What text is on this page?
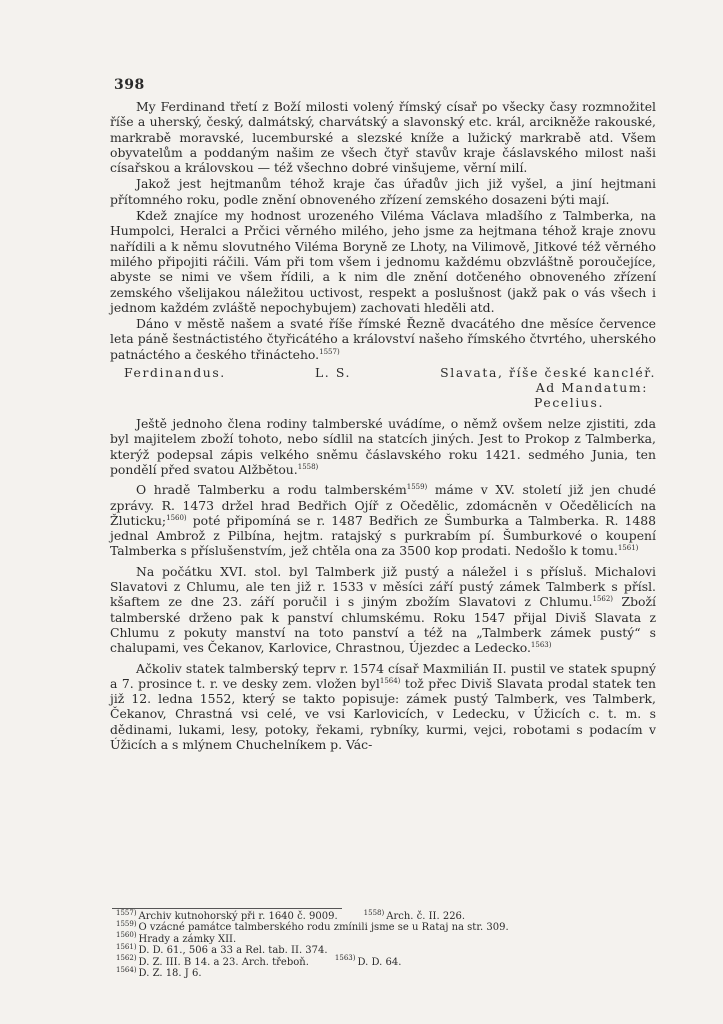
398

My Ferdinand třetí z Boží milosti volený římský císař po všecky časy rozmnožitel říše a uherský, český, dalmátský, charvátský a slavonský etc. král, arcikněže rakouské, markrabě moravské, lucemburské a slezské kníže a lužický markrabě atd. Všem obyvatelům a poddaným našim ze všech čtyř stavův kraje čáslavského milost naši císařskou a královskou — též všechno dobré vinšujeme, věrní milí.

Jakož jest hejtmanům téhož kraje čas úřadův jich již vyšel, a jiní hejtmani přítomného roku, podle znění obnoveného zřízení zemského dosazeni býti mají.

Kdež znajíce my hodnost urozeného Viléma Václava mladšího z Talmberka, na Humpolci, Heralci a Prčici věrného milého, jeho jsme za hejtmana téhož kraje znovu nařídili a k němu slovutného Viléma Boryně ze Lhoty, na Vilimově, Jitkové též věrného milého připojiti ráčili. Vám při tom všem i jednomu každému obzvláštně poroučejíce, abyste se nimi ve všem řídili, a k nim dle znění dotčeného obnoveného zřízení zemského všelijakou náležitou uctivost, respekt a poslušnost (jakž pak o vás všech i jednom každém zvláště nepochybujem) zachovati hleděli atd.

Dáno v městě našem a svaté říše římské Řezně dvacátého dne měsíce července leta páně šestnáctistého čtyřicátého a království našeho římského čtvrtého, uherského patnáctého a českého třinácteho.$^{1557)}$

Ferdinandus.	L. S.	Slavata, říše české kancléř.
Ad Mandatum:
Pecelius.

Ještě jednoho člena rodiny talmberské uvádíme, o němž ovšem nelze zjistiti, zda byl majitelem zboží tohoto, nebo sídlil na statcích jiných. Jest to Prokop z Talmberka, kterýž podepsal zápis velkého sněmu čáslavského roku 1421. sedmého Junia, ten pondělí před svatou Alžbětou.$^{1558)}$

O hradě Talmberku a rodu talmberském$^{1559)}$ máme v XV. století již jen chudé zprávy. R. 1473 držel hrad Bedřich Ojíř z Očedělic, zdomácněn v Očedělicích na Žluticku;$^{1560)}$ poté připomíná se r. 1487 Bedřich ze Šumburka a Talmberka. R. 1488 jednal Ambrož z Pilbína, hejtm. ratajský s purkrabím pí. Šumburkové o koupení Talmberka s příslušenstvím, jež chtěla ona za 3500 kop prodati. Nedošlo k tomu.$^{1561)}$

Na počátku XVI. stol. byl Talmberk již pustý a náležel i s přísluš. Michalovi Slavatovi z Chlumu, ale ten již r. 1533 v měsíci září pustý zámek Talmberk s přísl. kšaftem ze dne 23. září poručil i s jiným zbožím Slavatovi z Chlumu.$^{1562)}$ Zboží talmberské drženo pak k panství chlumskému. Roku 1547 přijal Diviš Slavata z Chlumu z pokuty manství na toto panství a též na „Talmberk zámek pustý“ s chalupami, ves Čekanov, Karlovice, Chrastnou, Újezdec a Ledecko.$^{1563)}$

Ačkoliv statek talmberský teprv r. 1574 císař Maxmilián II. pustil ve statek spupný a 7. prosince t. r. ve desky zem. vložen byl$^{1564)}$ tož přec Diviš Slavata prodal statek ten již 12. ledna 1552, který se takto popisuje: zámek pustý Talmberk, ves Talmberk, Čekanov, Chrastná vsi celé, ve vsi Karlovicích, v Ledecku, v Úžicích c. t. m. s dědinami, lukami, lesy, potoky, řekami, rybníky, kurmi, vejci, robotami s podacím v Úžicích a s mlýnem Chuchelníkem p. Vác-

$^{1557)}$ Archiv kutnohorský při r. 1640 č. 9009.	$^{1558)}$ Arch. č. II. 226.
$^{1559)}$ O vzácné památce talmberského rodu zmínili jsme se u Rataj na str. 309.
$^{1560)}$ Hrady a zámky XII.
$^{1561)}$ D. D. 61., 506 a 33 a Rel. tab. II. 374.
$^{1562)}$ D. Z. III. B 14. a 23. Arch. třeboň.	$^{1563)}$ D. D. 64.
$^{1564)}$ D. Z. 18. J 6.
